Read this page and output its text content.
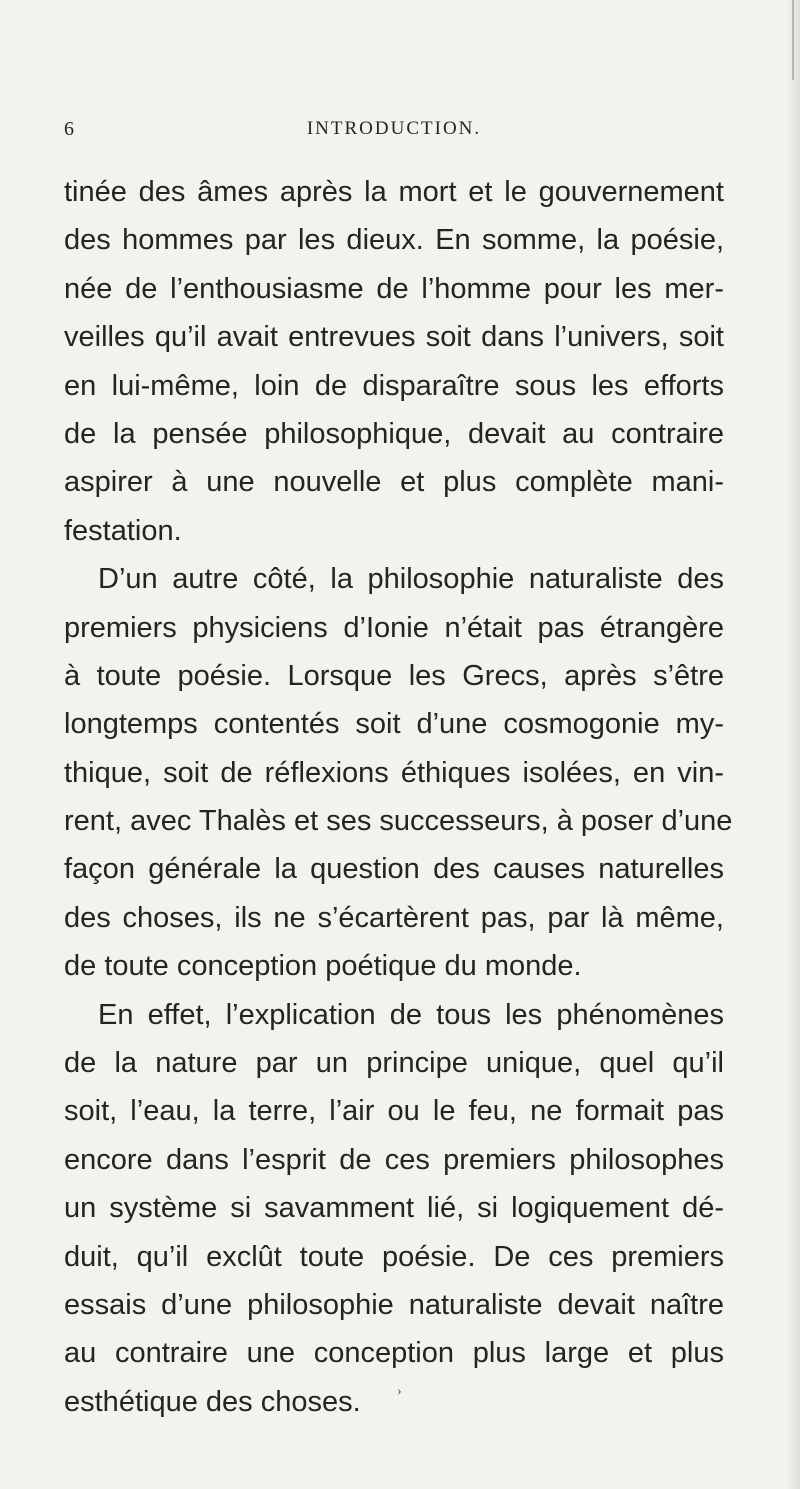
6	INTRODUCTION.
tinée des âmes après la mort et le gouvernement
des hommes par les dieux. En somme, la poésie,
née de l’enthousiasme de l’homme pour les mer-
veilles qu’il avait entrevues soit dans l’univers, soit
en lui-même, loin de disparaître sous les efforts
de la pensée philosophique, devait au contraire
aspirer à une nouvelle et plus complète mani-
festation.
D’un autre côté, la philosophie naturaliste des
premiers physiciens d’Ionie n’était pas étrangère
à toute poésie. Lorsque les Grecs, après s’être
longtemps contentés soit d’une cosmogonie my-
thique, soit de réflexions éthiques isolées, en vin-
rent, avec Thalès et ses successeurs, à poser d’une
façon générale la question des causes naturelles
des choses, ils ne s’écartèrent pas, par là même,
de toute conception poétique du monde.
En effet, l’explication de tous les phénomènes
de la nature par un principe unique, quel qu’il
soit, l’eau, la terre, l’air ou le feu, ne formait pas
encore dans l’esprit de ces premiers philosophes
un système si savamment lié, si logiquement dé-
duit, qu’il exclût toute poésie. De ces premiers
essais d’une philosophie naturaliste devait naître
au contraire une conception plus large et plus
esthétique des choses.	›
